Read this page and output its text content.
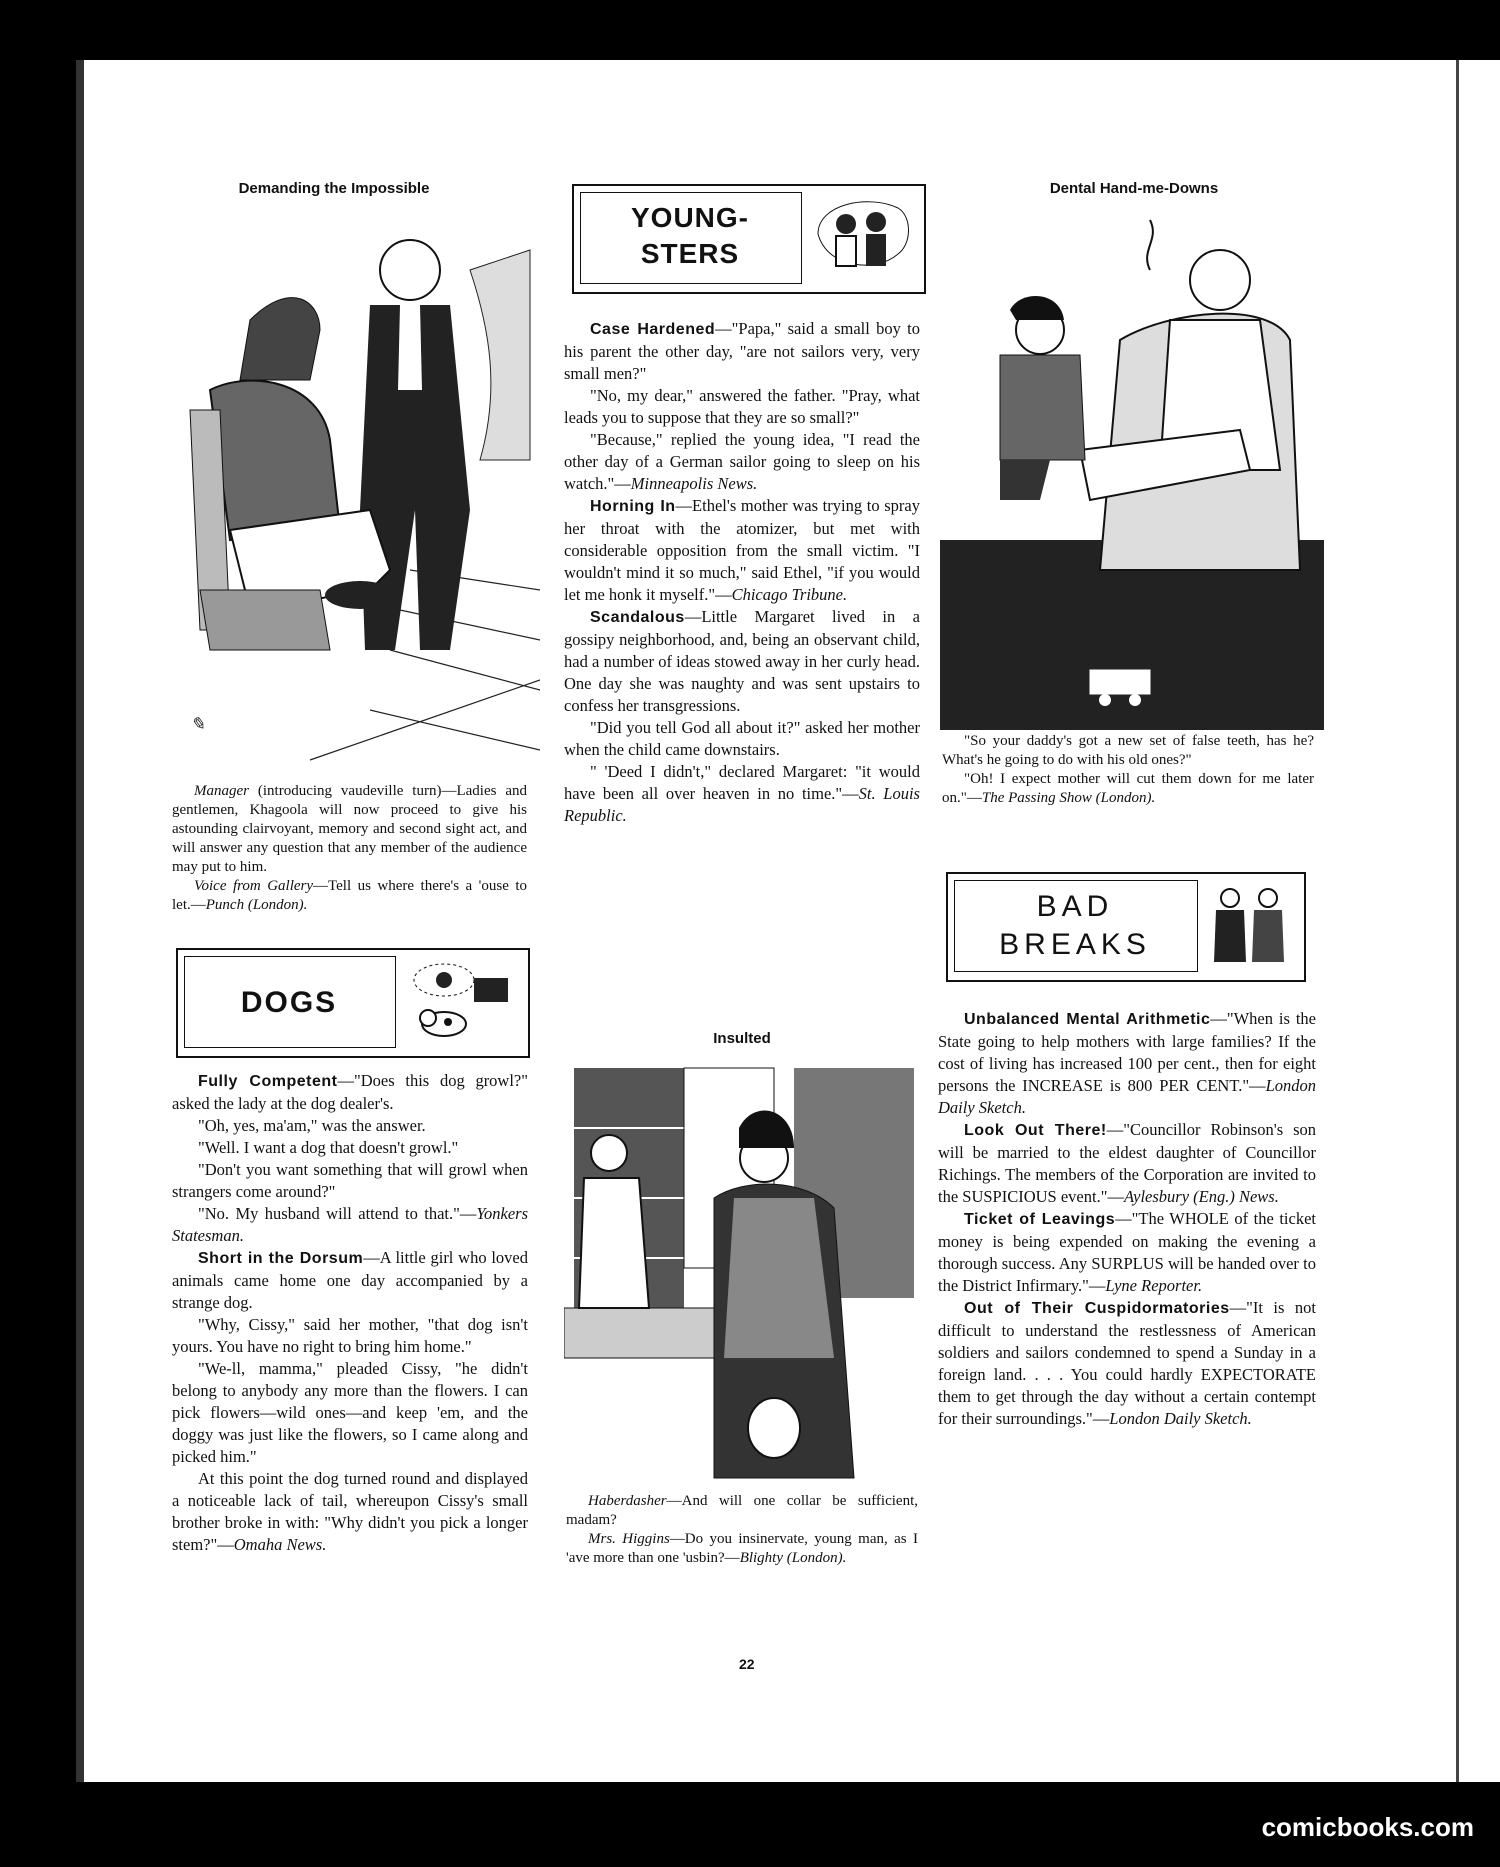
Demanding the Impossible
✎

Manager (introducing vaudeville turn)—Ladies and gentlemen, Khagoola will now proceed to give his astounding clairvoyant, memory and second sight act, and will answer any question that any member of the audience may put to him.

Voice from Gallery—Tell us where there's a 'ouse to let.—Punch (London).

DOGS

Fully Competent—"Does this dog growl?" asked the lady at the dog dealer's.

"Oh, yes, ma'am," was the answer.

"Well. I want a dog that doesn't growl."

"Don't you want something that will growl when strangers come around?"

"No. My husband will attend to that."—Yonkers Statesman.

Short in the Dorsum—A little girl who loved animals came home one day accompanied by a strange dog.

"Why, Cissy," said her mother, "that dog isn't yours. You have no right to bring him home."

"We-ll, mamma," pleaded Cissy, "he didn't belong to anybody any more than the flowers. I can pick flowers—wild ones—and keep 'em, and the doggy was just like the flowers, so I came along and picked him."

At this point the dog turned round and displayed a noticeable lack of tail, whereupon Cissy's small brother broke in with: "Why didn't you pick a longer stem?"—Omaha News.

YOUNG-
STERS

Case Hardened—"Papa," said a small boy to his parent the other day, "are not sailors very, very small men?"

"No, my dear," answered the father. "Pray, what leads you to suppose that they are so small?"

"Because," replied the young idea, "I read the other day of a German sailor going to sleep on his watch."—Minneapolis News.

Horning In—Ethel's mother was trying to spray her throat with the atomizer, but met with considerable opposition from the small victim. "I wouldn't mind it so much," said Ethel, "if you would let me honk it myself."—Chicago Tribune.

Scandalous—Little Margaret lived in a gossipy neighborhood, and, being an observant child, had a number of ideas stowed away in her curly head. One day she was naughty and was sent upstairs to confess her transgressions.

"Did you tell God all about it?" asked her mother when the child came downstairs.

" 'Deed I didn't," declared Margaret: "it would have been all over heaven in no time."—St. Louis Republic.

Insulted

Haberdasher—And will one collar be sufficient, madam?

Mrs. Higgins—Do you insinervate, young man, as I 'ave more than one 'usbin?—Blighty (London).

Dental Hand-me-Downs

"So your daddy's got a new set of false teeth, has he? What's he going to do with his old ones?"

"Oh! I expect mother will cut them down for me later on."—The Passing Show (London).

BAD
BREAKS

Unbalanced Mental Arithmetic—"When is the State going to help mothers with large families? If the cost of living has increased 100 per cent., then for eight persons the INCREASE is 800 PER CENT."—London Daily Sketch.

Look Out There!—"Councillor Robinson's son will be married to the eldest daughter of Councillor Richings. The members of the Corporation are invited to the SUSPICIOUS event."—Aylesbury (Eng.) News.

Ticket of Leavings—"The WHOLE of the ticket money is being expended on making the evening a thorough success. Any SURPLUS will be handed over to the District Infirmary."—Lyne Reporter.

Out of Their Cuspidormatories—"It is not difficult to understand the restlessness of American soldiers and sailors condemned to spend a Sunday in a foreign land. . . . You could hardly EXPECTORATE them to get through the day without a certain contempt for their surroundings."—London Daily Sketch.

22
comicbooks.com
